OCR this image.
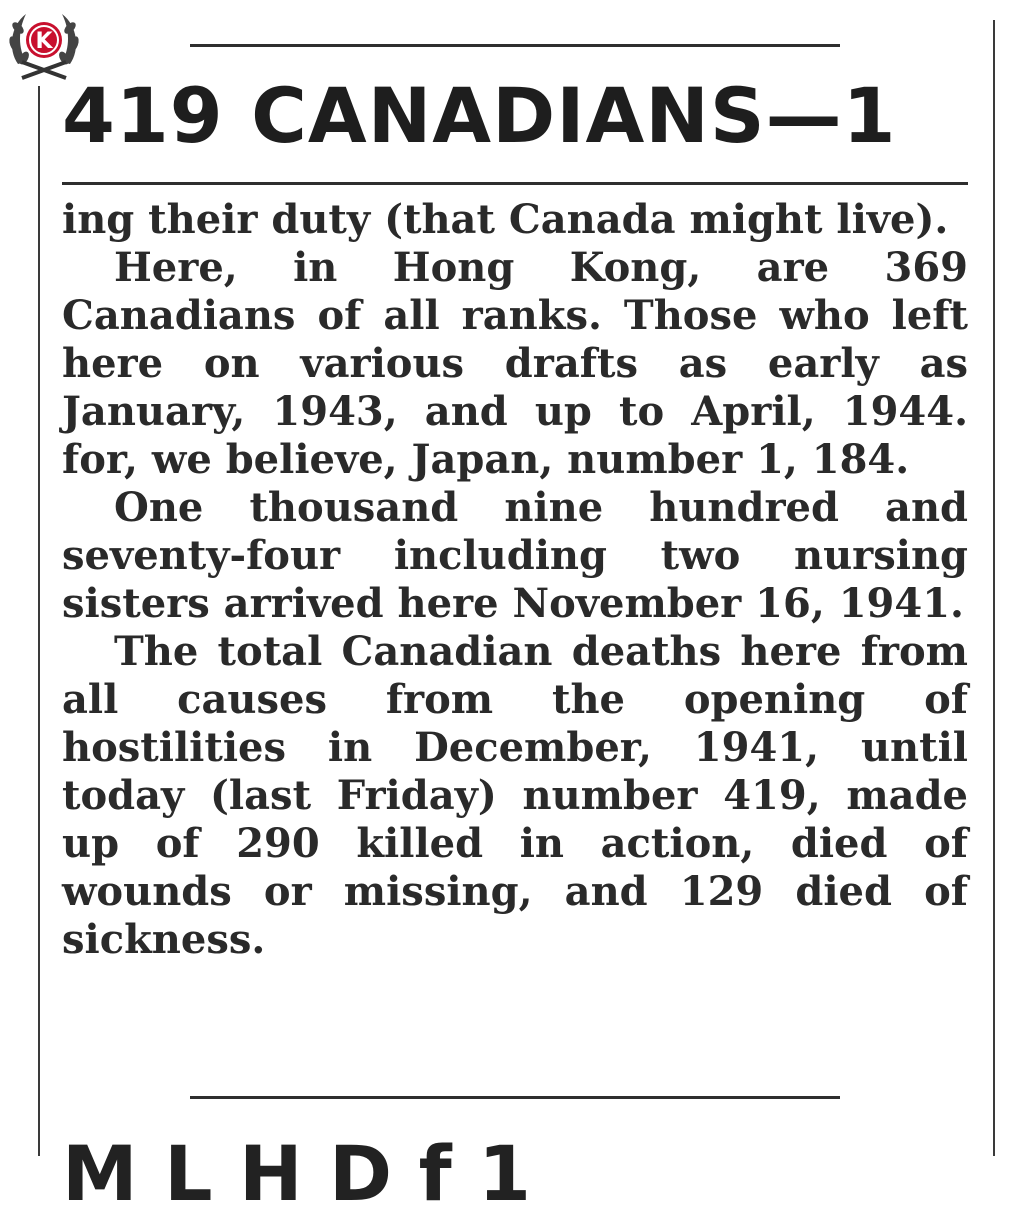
K
419 CANADIANS—1

ing their duty (that Canada might live).

Here, in Hong Kong, are 369 Canadians of all ranks. Those who left here on various drafts as early as January, 1943, and up to April, 1944. for, we believe, Japan, number 1, 184.

One thousand nine hundred and seventy-four including two nursing sisters arrived here November 16, 1941.

The total Canadian deaths here from all causes from the opening of hostilities in December, 1941, until today (last Friday) number 419, made up of 290 killed in action, died of wounds or missing, and 129 died of sickness.

M L H D f 1
